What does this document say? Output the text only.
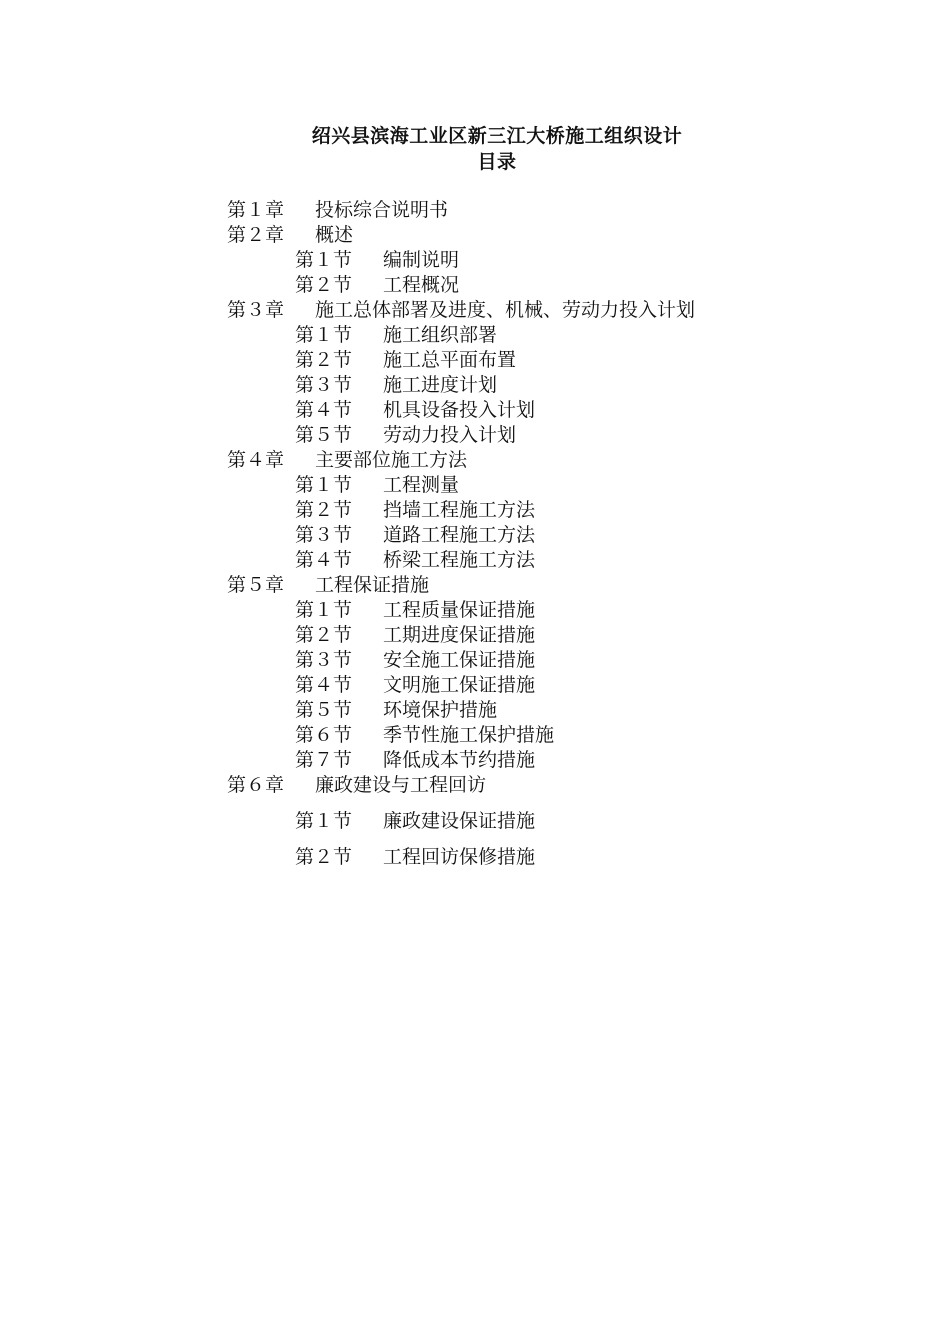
绍兴县滨海工业区新三江大桥施工组织设计
目录
第１章 投标综合说明书
第２章 概述
第１节 编制说明
第２节 工程概况
第３章 施工总体部署及进度、机械、劳动力投入计划
第１节 施工组织部署
第２节 施工总平面布置
第３节 施工进度计划
第４节 机具设备投入计划
第５节 劳动力投入计划
第４章 主要部位施工方法
第１节 工程测量
第２节 挡墙工程施工方法
第３节 道路工程施工方法
第４节 桥梁工程施工方法
第５章 工程保证措施
第１节 工程质量保证措施
第２节 工期进度保证措施
第３节 安全施工保证措施
第４节 文明施工保证措施
第５节 环境保护措施
第６节 季节性施工保护措施
第７节 降低成本节约措施
第６章 廉政建设与工程回访
第１节 廉政建设保证措施
第２节 工程回访保修措施
